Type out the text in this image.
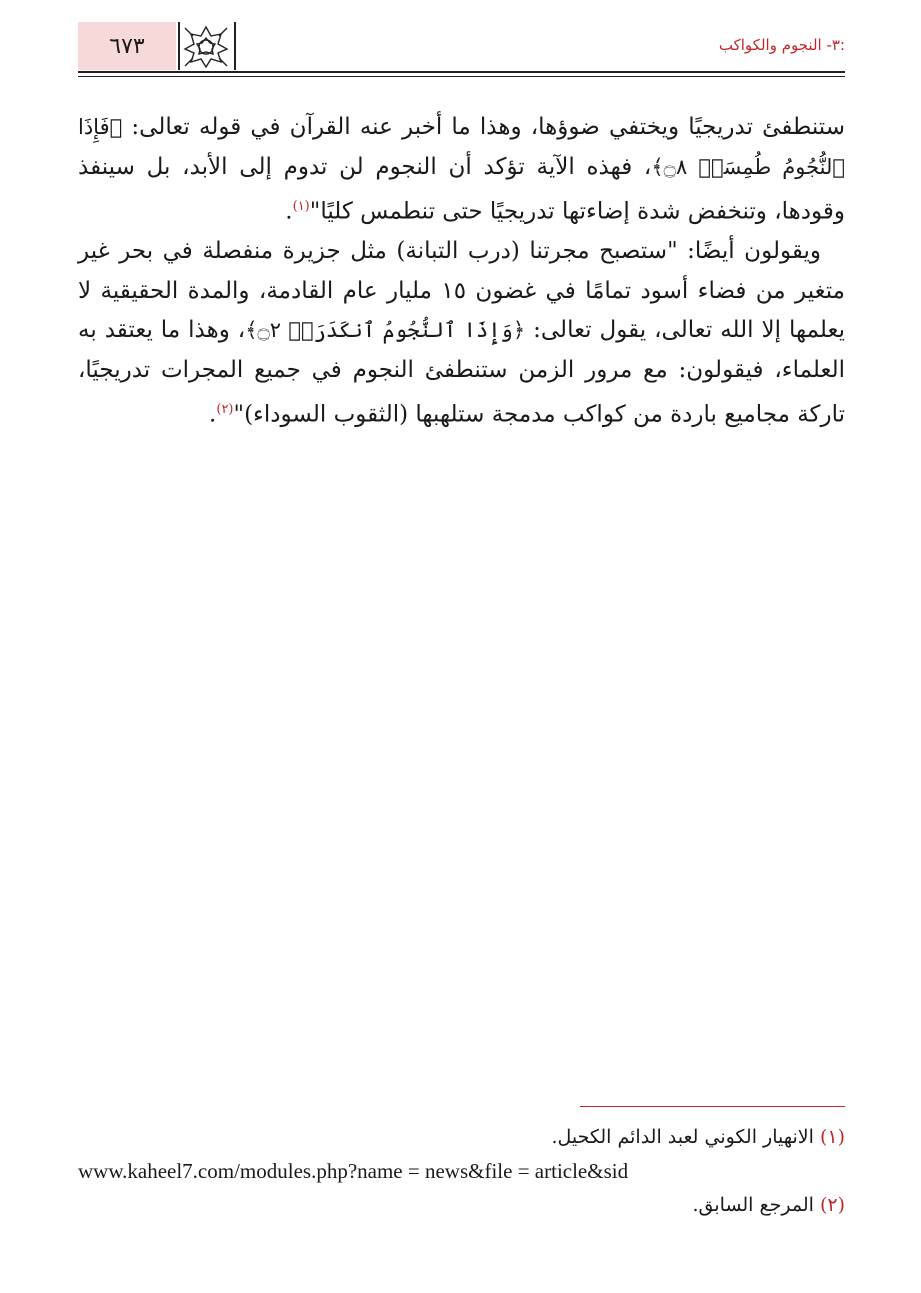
٦٧٣	٣- النجوم والكواكب:

ستنطفئ تدريجيًا ويختفي ضوؤها، وهذا ما أخبر عنه القرآن في قوله تعالى: ﴿فَإِذَا ٱلنُّجُومُ طُمِسَتۡ ۝٨﴾، فهذه الآية تؤكد أن النجوم لن تدوم إلى الأبد، بل سينفذ وقودها، وتنخفض شدة إضاءتها تدريجيًا حتى تنطمس كليًا"$^{(١)}$.

ويقولون أيضًا: "ستصبح مجرتنا (درب التبانة) مثل جزيرة منفصلة في بحر غير متغير من فضاء أسود تمامًا في غضون ١٥ مليار عام القادمة، والمدة الحقيقية لا يعلمها إلا الله تعالى، يقول تعالى: ﴿وَإِذَا ٱلنُّجُومُ ٱنكَدَرَتۡ ۝٢﴾، وهذا ما يعتقد به العلماء، فيقولون: مع مرور الزمن ستنطفئ النجوم في جميع المجرات تدريجيًا، تاركة مجاميع باردة من كواكب مدمجة ستلهبها (الثقوب السوداء)"$^{(٢)}$.

(١) الانهيار الكوني لعبد الدائم الكحيل.
www.kaheel7.com/modules.php?name = news&file = article&sid
(٢) المرجع السابق.
